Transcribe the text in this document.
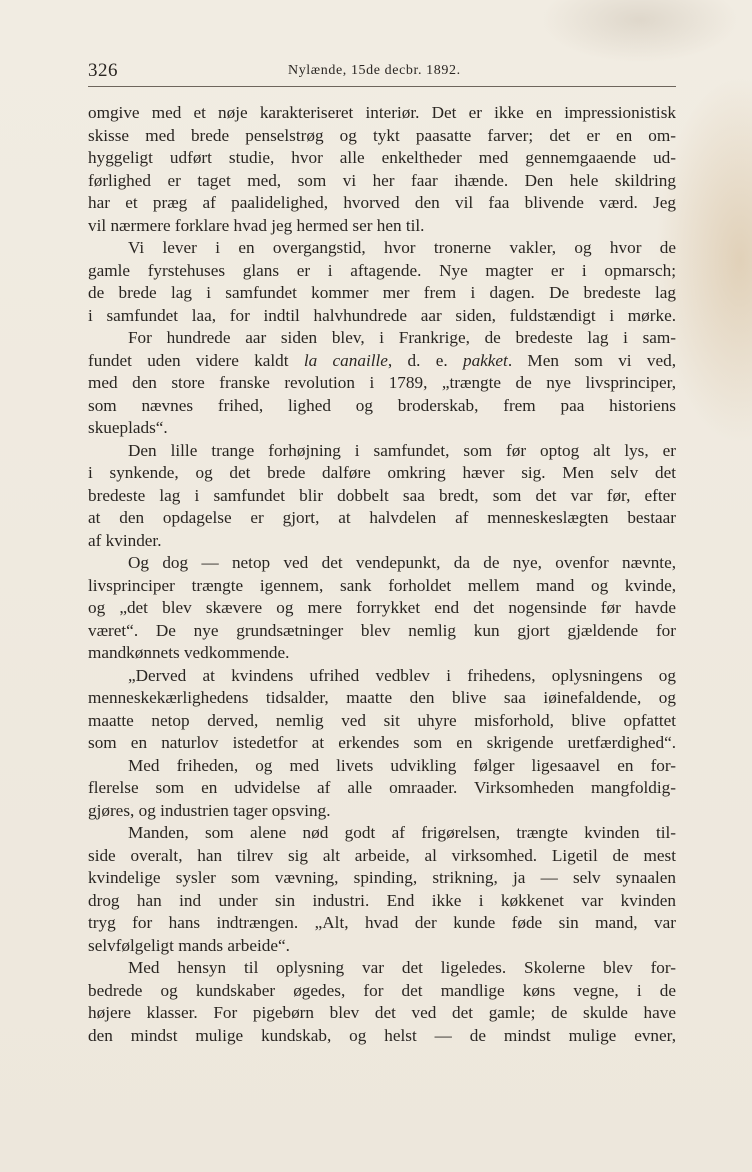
326	Nylænde, 15de decbr. 1892.

omgive med et nøje karakteriseret interiør. Det er ikke en impressionistisk
skisse med brede penselstrøg og tykt paasatte farver; det er en om-
hyggeligt udført studie, hvor alle enkeltheder med gennemgaaende ud-
førlighed er taget med, som vi her faar ihænde. Den hele skildring
har et præg af paalidelighed, hvorved den vil faa blivende værd. Jeg
vil nærmere forklare hvad jeg hermed ser hen til.

Vi lever i en overgangstid, hvor tronerne vakler, og hvor de
gamle fyrstehuses glans er i aftagende. Nye magter er i opmarsch;
de brede lag i samfundet kommer mer frem i dagen. De bredeste lag
i samfundet laa, for indtil halvhundrede aar siden, fuldstændigt i mørke.

For hundrede aar siden blev, i Frankrige, de bredeste lag i sam-
fundet uden videre kaldt la canaille, d. e. pakket. Men som vi ved,
med den store franske revolution i 1789, „trængte de nye livsprinciper,
som nævnes frihed, lighed og broderskab, frem paa historiens
skueplads“.

Den lille trange forhøjning i samfundet, som før optog alt lys, er
i synkende, og det brede dalføre omkring hæver sig. Men selv det
bredeste lag i samfundet blir dobbelt saa bredt, som det var før, efter
at den opdagelse er gjort, at halvdelen af menneskeslægten bestaar
af kvinder.

Og dog — netop ved det vendepunkt, da de nye, ovenfor nævnte,
livsprinciper trængte igennem, sank forholdet mellem mand og kvinde,
og „det blev skævere og mere forrykket end det nogensinde før havde
været“. De nye grundsætninger blev nemlig kun gjort gjældende for
mandkønnets vedkommende.

„Derved at kvindens ufrihed vedblev i frihedens, oplysningens og
menneskekærlighedens tidsalder, maatte den blive saa iøinefaldende, og
maatte netop derved, nemlig ved sit uhyre misforhold, blive opfattet
som en naturlov istedetfor at erkendes som en skrigende uretfærdighed“.

Med friheden, og med livets udvikling følger ligesaavel en for-
flerelse som en udvidelse af alle omraader. Virksomheden mangfoldig-
gjøres, og industrien tager opsving.

Manden, som alene nød godt af frigørelsen, trængte kvinden til-
side overalt, han tilrev sig alt arbeide, al virksomhed. Ligetil de mest
kvindelige sysler som vævning, spinding, strikning, ja — selv synaalen
drog han ind under sin industri. End ikke i køkkenet var kvinden
tryg for hans indtrængen. „Alt, hvad der kunde føde sin mand, var
selvfølgeligt mands arbeide“.

Med hensyn til oplysning var det ligeledes. Skolerne blev for-
bedrede og kundskaber øgedes, for det mandlige køns vegne, i de
højere klasser. For pigebørn blev det ved det gamle; de skulde have
den mindst mulige kundskab, og helst — de mindst mulige evner,
